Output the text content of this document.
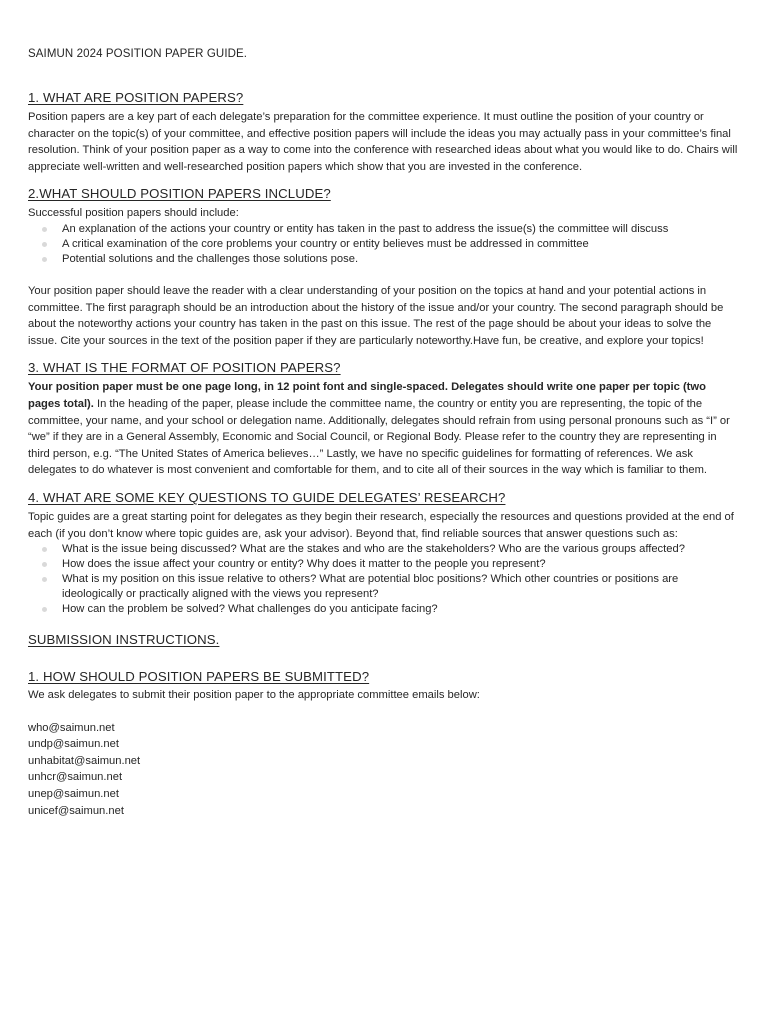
SAIMUN 2024 POSITION PAPER GUIDE.

1. WHAT ARE POSITION PAPERS?

Position papers are a key part of each delegate’s preparation for the committee experience. It must outline the position of your country or character on the topic(s) of your committee, and effective position papers will include the ideas you may actually pass in your committee’s final resolution. Think of your position paper as a way to come into the conference with researched ideas about what you would like to do. Chairs will appreciate well-written and well-researched position papers which show that you are invested in the conference.

2.WHAT SHOULD POSITION PAPERS INCLUDE?

Successful position papers should include:

An explanation of the actions your country or entity has taken in the past to address the issue(s) the committee will discuss
A critical examination of the core problems your country or entity believes must be addressed in committee
Potential solutions and the challenges those solutions pose.

Your position paper should leave the reader with a clear understanding of your position on the topics at hand and your potential actions in committee. The first paragraph should be an introduction about the history of the issue and/or your country. The second paragraph should be about the noteworthy actions your country has taken in the past on this issue. The rest of the page should be about your ideas to solve the issue. Cite your sources in the text of the position paper if they are particularly noteworthy.Have fun, be creative, and explore your topics!

3. WHAT IS THE FORMAT OF POSITION PAPERS?

Your position paper must be one page long, in 12 point font and single-spaced. Delegates should write one paper per topic (two pages total). In the heading of the paper, please include the committee name, the country or entity you are representing, the topic of the committee, your name, and your school or delegation name. Additionally, delegates should refrain from using personal pronouns such as “I” or “we” if they are in a General Assembly, Economic and Social Council, or Regional Body. Please refer to the country they are representing in third person, e.g. “The United States of America believes…” Lastly, we have no specific guidelines for formatting of references. We ask delegates to do whatever is most convenient and comfortable for them, and to cite all of their sources in the way which is familiar to them.

4. WHAT ARE SOME KEY QUESTIONS TO GUIDE DELEGATES’ RESEARCH?

Topic guides are a great starting point for delegates as they begin their research, especially the resources and questions provided at the end of each (if you don’t know where topic guides are, ask your advisor). Beyond that, find reliable sources that answer questions such as:

What is the issue being discussed? What are the stakes and who are the stakeholders? Who are the various groups affected?
How does the issue affect your country or entity? Why does it matter to the people you represent?
What is my position on this issue relative to others? What are potential bloc positions? Which other countries or positions are ideologically or practically aligned with the views you represent?
How can the problem be solved? What challenges do you anticipate facing?
SUBMISSION INSTRUCTIONS.
1. HOW SHOULD POSITION PAPERS BE SUBMITTED?

We ask delegates to submit their position paper to the appropriate committee emails below:

who@saimun.net
undp@saimun.net
unhabitat@saimun.net
unhcr@saimun.net
unep@saimun.net
unicef@saimun.net
